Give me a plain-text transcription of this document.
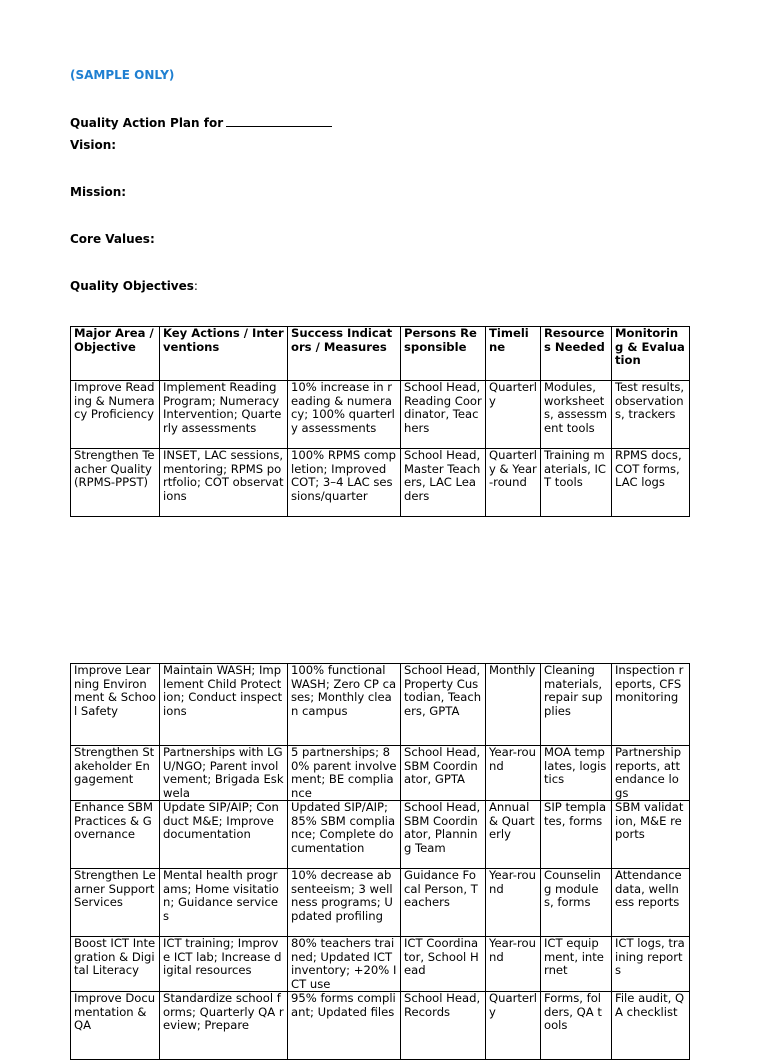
(SAMPLE ONLY)
Quality Action Plan for
Vision:
Mission:
Core Values:
Quality Objectives:
Major Area / Objective	Key Actions / Interventions	Success Indicators / Measures	Persons Responsible	Timeline	Resources Needed	Monitoring & Evaluation

Improve Reading & Numeracy Proficiency	Implement Reading Program; Numeracy Intervention; Quarterly assessments	10% increase in reading & numeracy; 100% quarterly assessments	School Head, Reading Coordinator, Teachers	Quarterly	Modules, worksheets, assessment tools	Test results, observations, trackers

Strengthen Teacher Quality (RPMS-PPST)	INSET, LAC sessions, mentoring; RPMS portfolio; COT observations	100% RPMS completion; Improved COT; 3–4 LAC sessions/quarter	School Head, Master Teachers, LAC Leaders	Quarterly & Year-round	Training materials, ICT tools	RPMS docs, COT forms, LAC logs
Improve Learning Environment & School Safety	Maintain WASH; Implement Child Protection; Conduct inspections	100% functional WASH; Zero CP cases; Monthly clean campus	School Head, Property Custodian, Teachers, GPTA	Monthly	Cleaning materials, repair supplies	Inspection reports, CFS monitoring

Strengthen Stakeholder Engagement	Partnerships with LGU/NGO; Parent involvement; Brigada Eskwela	5 partnerships; 80% parent involvement; BE compliance	School Head, SBM Coordinator, GPTA	Year-round	MOA templates, logistics	Partnership reports, attendance logs

Enhance SBM Practices & Governance	Update SIP/AIP; Conduct M&E; Improve documentation	Updated SIP/AIP; 85% SBM compliance; Complete documentation	School Head, SBM Coordinator, Planning Team	Annual & Quarterly	SIP templates, forms	SBM validation, M&E reports

Strengthen Learner Support Services	Mental health programs; Home visitation; Guidance services	10% decrease absenteeism; 3 wellness programs; Updated profiling	Guidance Focal Person, Teachers	Year-round	Counseling modules, forms	Attendance data, wellness reports

Boost ICT Integration & Digital Literacy	ICT training; Improve ICT lab; Increase digital resources	80% teachers trained; Updated ICT inventory; +20% ICT use	ICT Coordinator, School Head	Year-round	ICT equipment, internet	ICT logs, training reports

Improve Documentation & QA	Standardize school forms; Quarterly QA review; Prepare	95% forms compliant; Updated files	School Head, Records	Quarterly	Forms, folders, QA tools	File audit, QA checklist
